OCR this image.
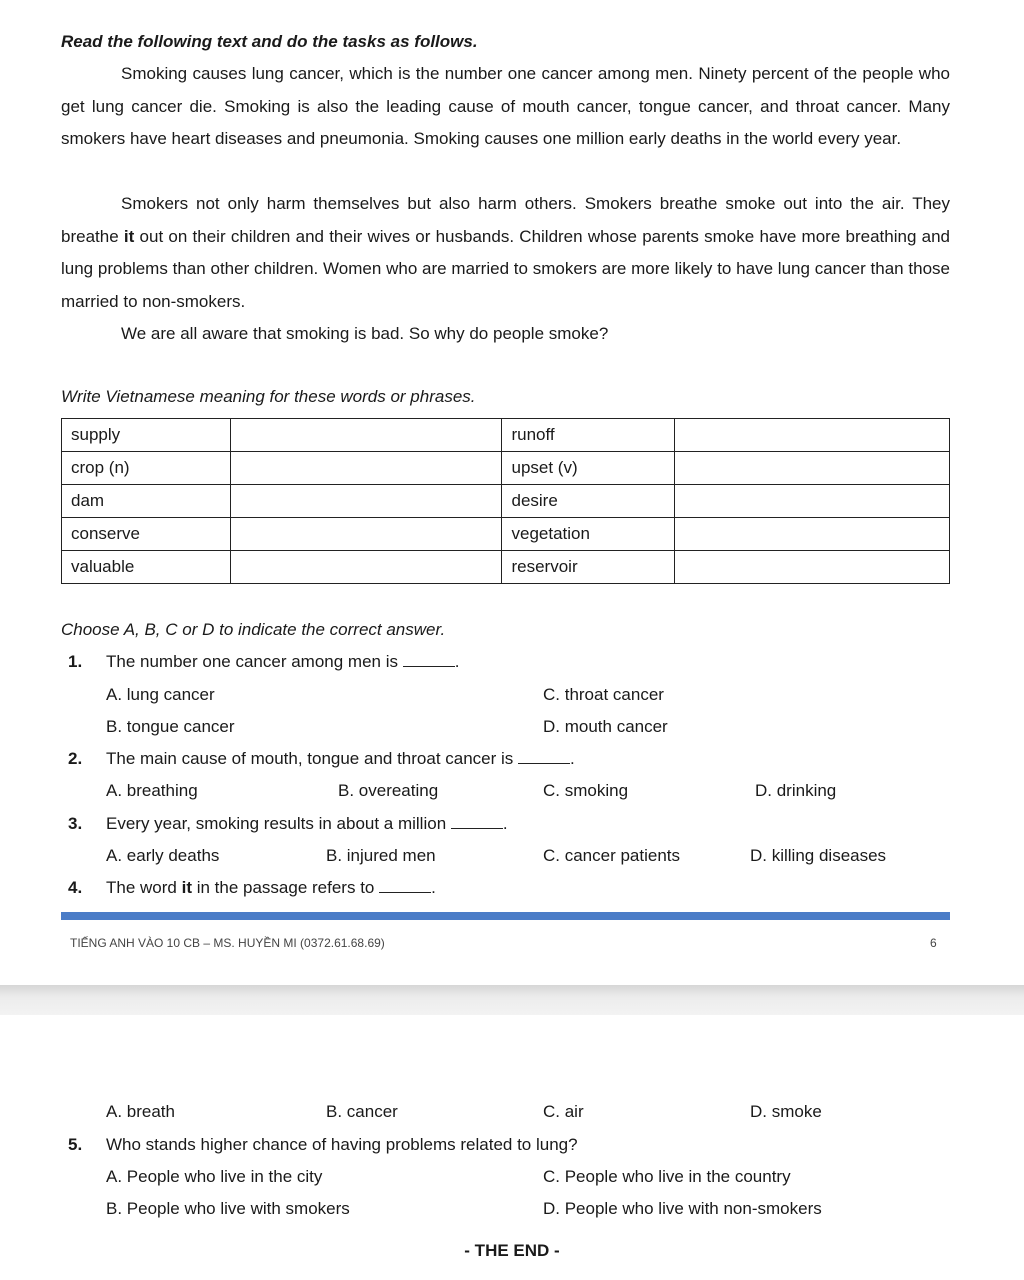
Read the following text and do the tasks as follows.
Smoking causes lung cancer, which is the number one cancer among men. Ninety percent of the people who get lung cancer die. Smoking is also the leading cause of mouth cancer, tongue cancer, and throat cancer. Many smokers have heart diseases and pneumonia. Smoking causes one million early deaths in the world every year.
Smokers not only harm themselves but also harm others. Smokers breathe smoke out into the air. They breathe it out on their children and their wives or husbands. Children whose parents smoke have more breathing and lung problems than other children. Women who are married to smokers are more likely to have lung cancer than those married to non-smokers.
We are all aware that smoking is bad. So why do people smoke?
Write Vietnamese meaning for these words or phrases.
supply		runoff	
crop (n)		upset (v)	
dam		desire	
conserve		vegetation	
valuable		reservoir	
Choose A, B, C or D to indicate the correct answer.
1. The number one cancer among men is	.
A. lung cancer	C. throat cancer
B. tongue cancer	D. mouth cancer
2. The main cause of mouth, tongue and throat cancer is	.
A. breathing	B. overeating	C. smoking	D. drinking
3. Every year, smoking results in about a million	.
A. early deaths	B. injured men	C. cancer patients	D. killing diseases
4. The word it in the passage refers to	.
TIẾNG ANH VÀO 10 CB – MS. HUYỀN MI (0372.61.68.69)	6
A. breath	B. cancer	C. air	D. smoke
5. Who stands higher chance of having problems related to lung?
A. People who live in the city	C. People who live in the country
B. People who live with smokers	D. People who live with non-smokers
- THE END -
